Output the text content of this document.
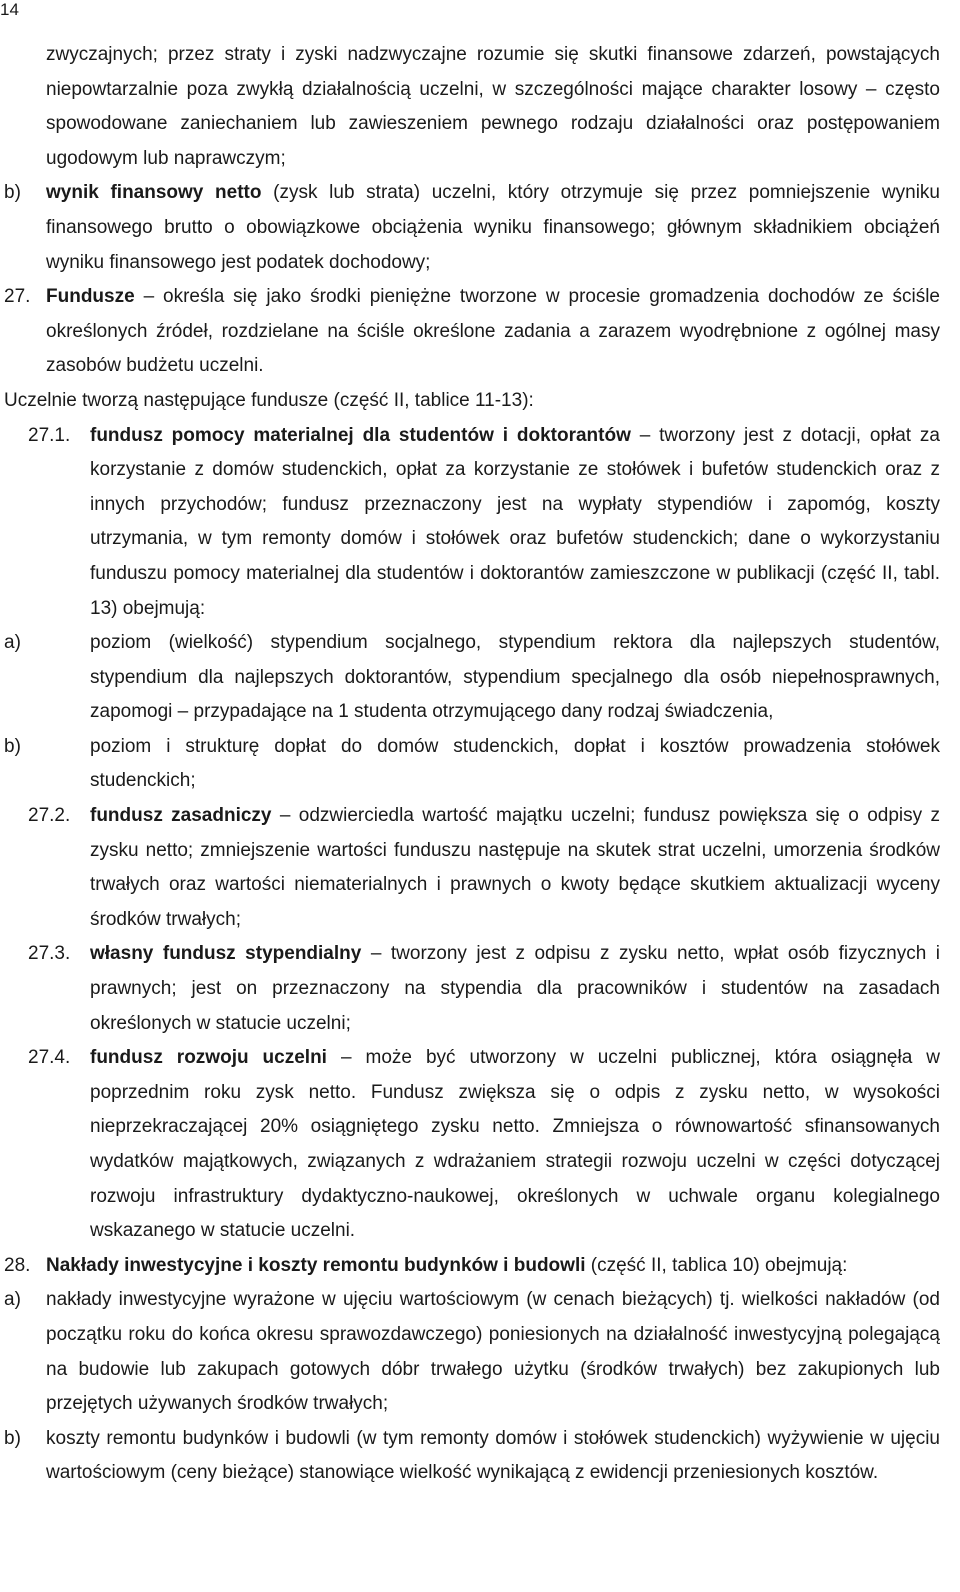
14

zwyczajnych; przez straty i zyski nadzwyczajne rozumie się skutki finansowe zdarzeń, powstających niepowtarzalnie poza zwykłą działalnością uczelni, w szczególności mające charakter losowy – często spowodowane zaniechaniem lub zawieszeniem pewnego rodzaju działalności oraz postępowaniem ugodowym lub naprawczym;

b)	wynik finansowy netto (zysk lub strata) uczelni, który otrzymuje się przez pomniejszenie wyniku finansowego brutto o obowiązkowe obciążenia wyniku finansowego; głównym składnikiem obciążeń wyniku finansowego jest podatek dochodowy;

27. Fundusze – określa się jako środki pieniężne tworzone w procesie gromadzenia dochodów ze ściśle określonych źródeł, rozdzielane na ściśle określone zadania a zarazem wyodrębnione z ogólnej masy zasobów budżetu uczelni.

Uczelnie tworzą następujące fundusze (część II, tablice 11-13):

27.1.	fundusz pomocy materialnej dla studentów i doktorantów – tworzony jest z dotacji, opłat za korzystanie z domów studenckich, opłat za korzystanie ze stołówek i bufetów studenckich oraz z innych przychodów; fundusz przeznaczony jest na wypłaty stypendiów i zapomóg, koszty utrzymania, w tym remonty domów i stołówek oraz bufetów studenckich; dane o wykorzystaniu funduszu pomocy materialnej dla studentów i doktorantów zamieszczone w publikacji (część II, tabl. 13) obejmują:

a)	poziom (wielkość) stypendium socjalnego, stypendium rektora dla najlepszych studentów, stypendium dla najlepszych doktorantów, stypendium specjalnego dla osób niepełnosprawnych, zapomogi – przypadające na 1 studenta otrzymującego dany rodzaj świadczenia,

b)	poziom i strukturę dopłat do domów studenckich, dopłat i kosztów prowadzenia stołówek studenckich;

27.2.	fundusz zasadniczy – odzwierciedla wartość majątku uczelni; fundusz powiększa się o odpisy z zysku netto; zmniejszenie wartości funduszu następuje na skutek strat uczelni, umorzenia środków trwałych oraz wartości niematerialnych i prawnych o kwoty będące skutkiem aktualizacji wyceny środków trwałych;

27.3.	własny fundusz stypendialny – tworzony jest z odpisu z zysku netto, wpłat osób fizycznych i prawnych; jest on przeznaczony na stypendia dla pracowników i studentów na zasadach określonych w statucie uczelni;

27.4.	fundusz rozwoju uczelni – może być utworzony w uczelni publicznej, która osiągnęła w poprzednim roku zysk netto. Fundusz zwiększa się o odpis z zysku netto, w wysokości nieprzekraczającej 20% osiągniętego zysku netto. Zmniejsza o równowartość sfinansowanych wydatków majątkowych, związanych z wdrażaniem strategii rozwoju uczelni w części dotyczącej rozwoju infrastruktury dydaktyczno-naukowej, określonych w uchwale organu kolegialnego wskazanego w statucie uczelni.

28. Nakłady inwestycyjne i koszty remontu budynków i budowli (część II, tablica 10) obejmują:

a)	nakłady inwestycyjne wyrażone w ujęciu wartościowym (w cenach bieżących) tj. wielkości nakładów (od początku roku do końca okresu sprawozdawczego) poniesionych na działalność inwestycyjną polegającą na budowie lub zakupach gotowych dóbr trwałego użytku (środków trwałych) bez zakupionych lub przejętych używanych środków trwałych;

b)	koszty remontu budynków i budowli (w tym remonty domów i stołówek studenckich) wyżywienie w ujęciu wartościowym (ceny bieżące) stanowiące wielkość wynikającą z ewidencji przeniesionych kosztów.
